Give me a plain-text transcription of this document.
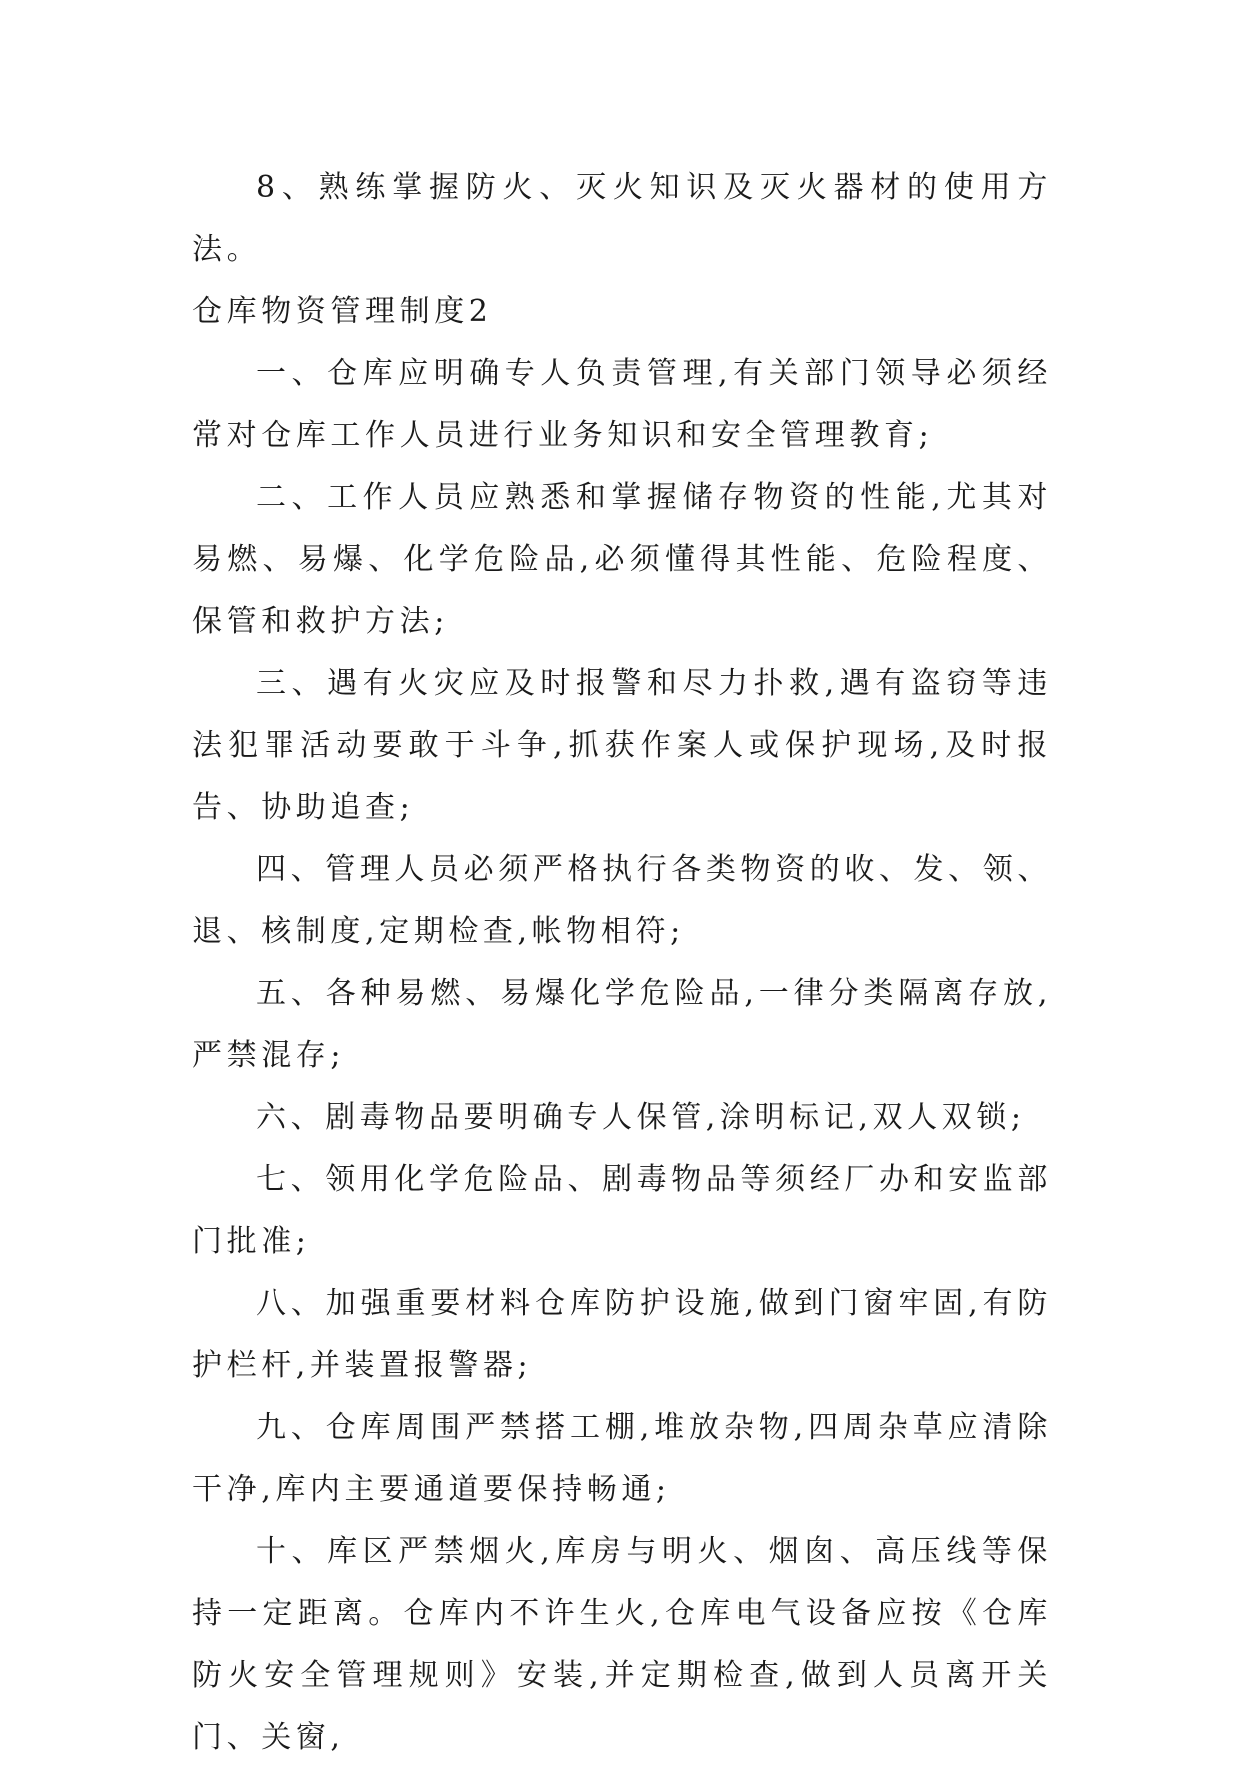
8、熟练掌握防火、灭火知识及灭火器材的使用方法。

仓库物资管理制度2

一、仓库应明确专人负责管理,有关部门领导必须经常对仓库工作人员进行业务知识和安全管理教育;

二、工作人员应熟悉和掌握储存物资的性能,尤其对易燃、易爆、化学危险品,必须懂得其性能、危险程度、保管和救护方法;

三、遇有火灾应及时报警和尽力扑救,遇有盗窃等违法犯罪活动要敢于斗争,抓获作案人或保护现场,及时报告、协助追查;

四、管理人员必须严格执行各类物资的收、发、领、退、核制度,定期检查,帐物相符;

五、各种易燃、易爆化学危险品,一律分类隔离存放,严禁混存;

六、剧毒物品要明确专人保管,涂明标记,双人双锁;

七、领用化学危险品、剧毒物品等须经厂办和安监部门批准;

八、加强重要材料仓库防护设施,做到门窗牢固,有防护栏杆,并装置报警器;

九、仓库周围严禁搭工棚,堆放杂物,四周杂草应清除干净,库内主要通道要保持畅通;

十、库区严禁烟火,库房与明火、烟囱、高压线等保持一定距离。仓库内不许生火,仓库电气设备应按《仓库防火安全管理规则》安装,并定期检查,做到人员离开关门、关窗,
